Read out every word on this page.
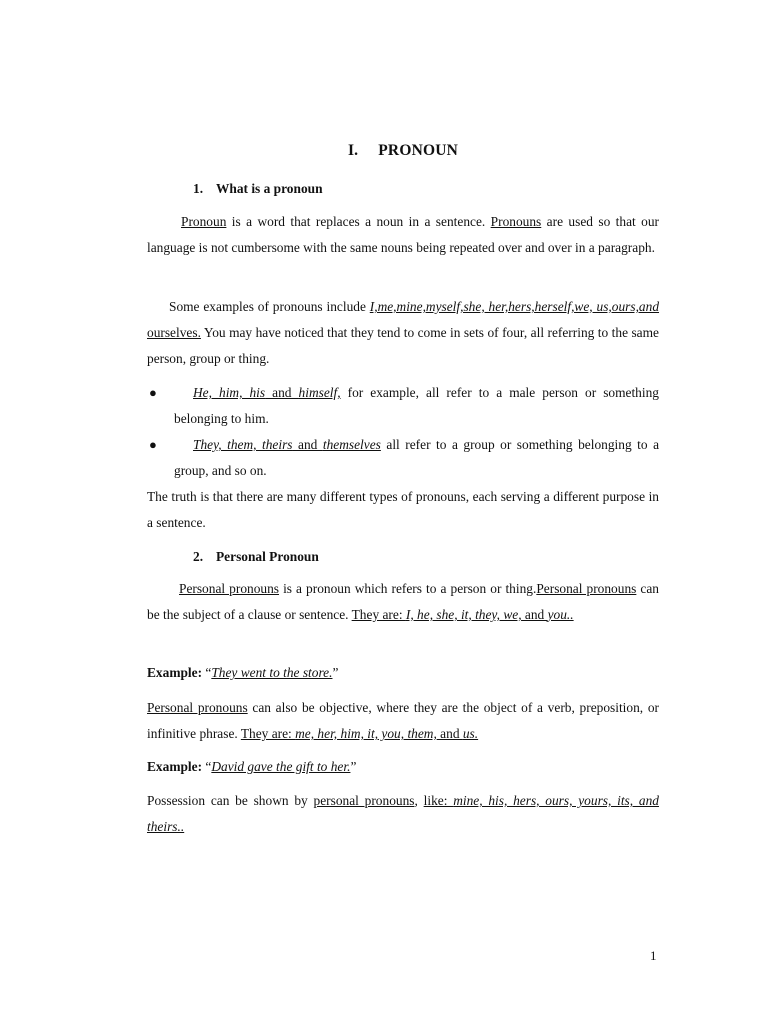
I. PRONOUN
1. What is a pronoun
Pronoun is a word that replaces a noun in a sentence. Pronouns are used so that our language is not cumbersome with the same nouns being repeated over and over in a paragraph.
Some examples of pronouns include I,me,mine,myself,she, her,hers,herself,we, us,ours,and ourselves. You may have noticed that they tend to come in sets of four, all referring to the same person, group or thing.
●	He, him, his and himself, for example, all refer to a male person or something belonging to him.
●	They, them, theirs and themselves all refer to a group or something belonging to a group, and so on.
The truth is that there are many different types of pronouns, each serving a different purpose in a sentence.
2. Personal Pronoun
Personal pronouns is a pronoun which refers to a person or thing.Personal pronouns can be the subject of a clause or sentence. They are: I, he, she, it, they, we, and you..
Example: “They went to the store.”
Personal pronouns can also be objective, where they are the object of a verb, preposition, or infinitive phrase. They are: me, her, him, it, you, them, and us.
Example: “David gave the gift to her.”
Possession can be shown by personal pronouns, like: mine, his, hers, ours, yours, its, and theirs..
1
